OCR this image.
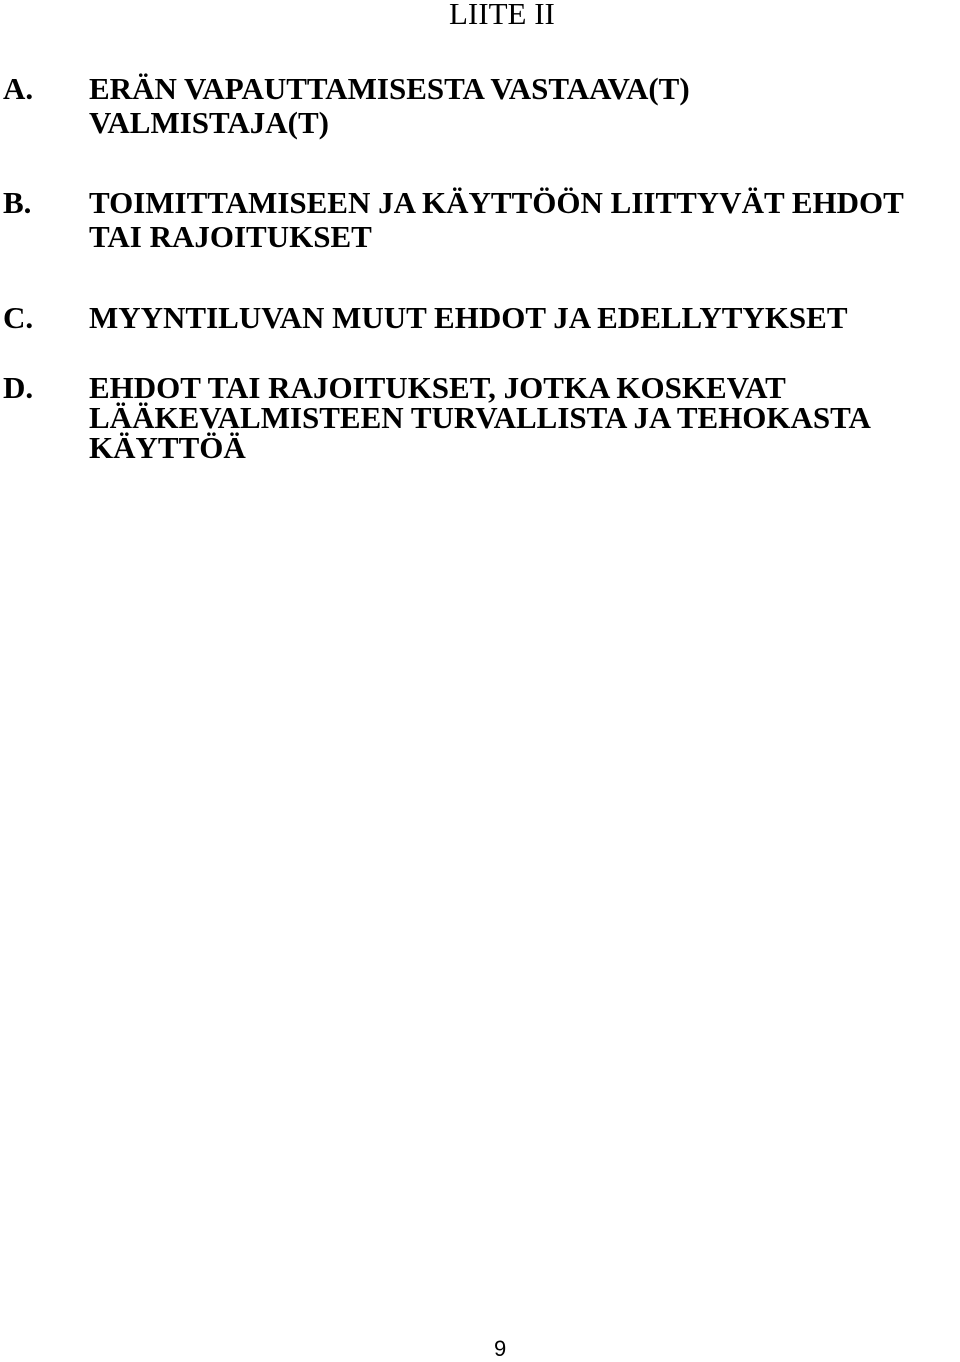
LIITE II
A. ERÄN VAPAUTTAMISESTA VASTAAVA(T)
VALMISTAJA(T)
B. TOIMITTAMISEEN JA KÄYTTÖÖN LIITTYVÄT EHDOT
TAI RAJOITUKSET
C. MYYNTILUVAN MUUT EHDOT JA EDELLYTYKSET
D. EHDOT TAI RAJOITUKSET, JOTKA KOSKEVAT
LÄÄKEVALMISTEEN TURVALLISTA JA TEHOKASTA
KÄYTTÖÄ
9
